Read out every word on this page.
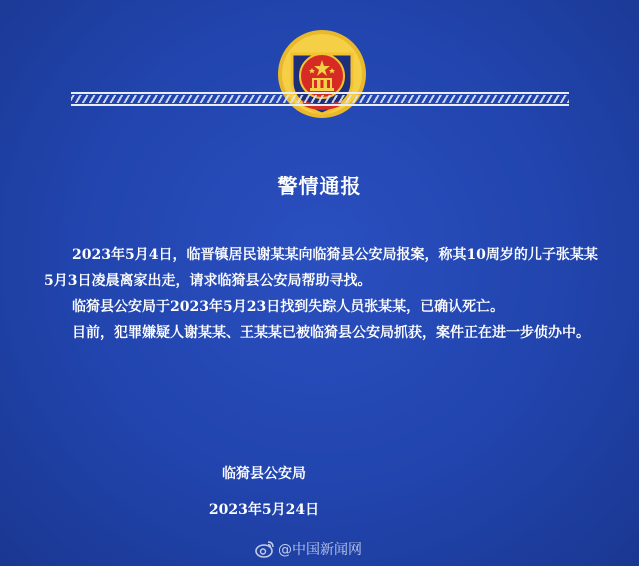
警情通报

2023年5月4日，临晋镇居民谢某某向临猗县公安局报案，称其10周岁的儿子张某某5月3日凌晨离家出走，请求临猗县公安局帮助寻找。

临猗县公安局于2023年5月23日找到失踪人员张某某，已确认死亡。

目前，犯罪嫌疑人谢某某、王某某已被临猗县公安局抓获，案件正在进一步侦办中。

临猗县公安局
2023年5月24日
@中国新闻网
